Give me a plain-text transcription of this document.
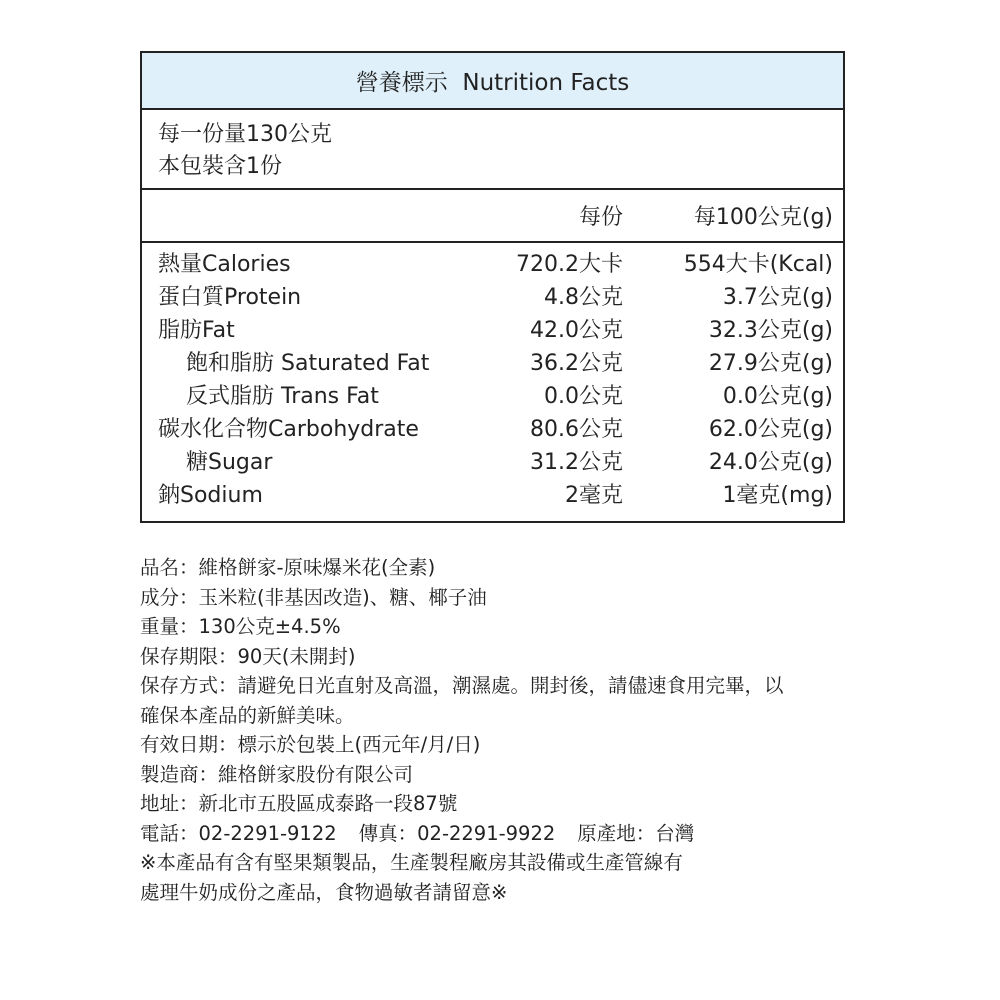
營養標示  Nutrition Facts
每一份量130公克
本包裝含1份
每份	每100公克(g)
熱量Calories	720.2大卡	554大卡(Kcal)
蛋白質Protein	4.8公克	3.7公克(g)
脂肪Fat	42.0公克	32.3公克(g)
飽和脂肪 Saturated Fat	36.2公克	27.9公克(g)
反式脂肪 Trans Fat	0.0公克	0.0公克(g)
碳水化合物Carbohydrate	80.6公克	62.0公克(g)
糖Sugar	31.2公克	24.0公克(g)
鈉Sodium	2毫克	1毫克(mg)
品名：維格餅家-原味爆米花(全素)
成分：玉米粒(非基因改造)、糖、椰子油
重量：130公克±4.5%
保存期限：90天(未開封)
保存方式：請避免日光直射及高溫，潮濕處。開封後，請儘速食用完畢，以
確保本產品的新鮮美味。
有效日期：標示於包裝上(西元年/月/日)
製造商：維格餅家股份有限公司
地址：新北市五股區成泰路一段87號
電話：02-2291-9122 傳真：02-2291-9922 原產地：台灣
※本產品有含有堅果類製品，生產製程廠房其設備或生產管線有
處理牛奶成份之產品，食物過敏者請留意※
